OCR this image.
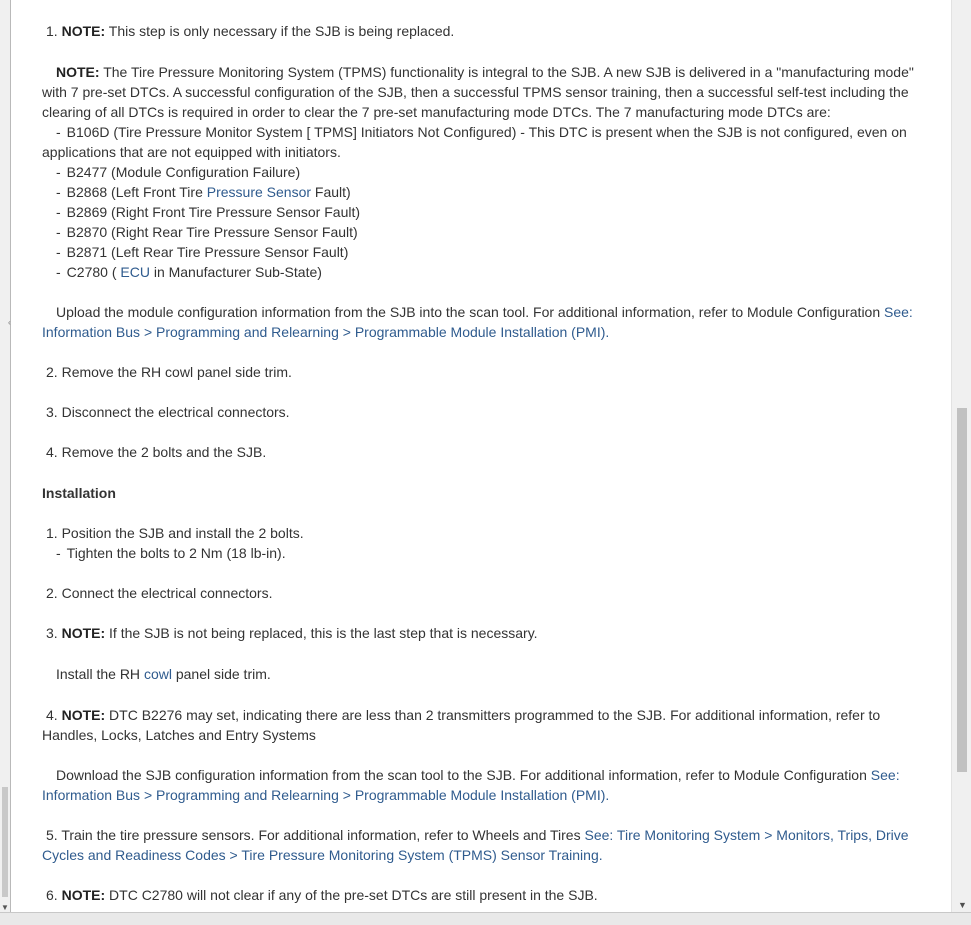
‹
▼

1. NOTE: This step is only necessary if the SJB is being replaced.

NOTE: The Tire Pressure Monitoring System (TPMS) functionality is integral to the SJB. A new SJB is delivered in a "manufacturing mode" with 7 pre-set DTCs. A successful configuration of the SJB, then a successful TPMS sensor training, then a successful self-test including the clearing of all DTCs is required in order to clear the 7 pre-set manufacturing mode DTCs. The 7 manufacturing mode DTCs are:

- B106D (Tire Pressure Monitor System [ TPMS] Initiators Not Configured) - This DTC is present when the SJB is not configured, even on applications that are not equipped with initiators.

- B2477 (Module Configuration Failure)

- B2868 (Left Front Tire Pressure Sensor Fault)

- B2869 (Right Front Tire Pressure Sensor Fault)

- B2870 (Right Rear Tire Pressure Sensor Fault)

- B2871 (Left Rear Tire Pressure Sensor Fault)

- C2780 ( ECU in Manufacturer Sub-State)

Upload the module configuration information from the SJB into the scan tool. For additional information, refer to Module Configuration See: Information Bus > Programming and Relearning > Programmable Module Installation (PMI).

2. Remove the RH cowl panel side trim.

3. Disconnect the electrical connectors.

4. Remove the 2 bolts and the SJB.

Installation

1. Position the SJB and install the 2 bolts.

- Tighten the bolts to 2 Nm (18 lb-in).

2. Connect the electrical connectors.

3. NOTE: If the SJB is not being replaced, this is the last step that is necessary.

Install the RH cowl panel side trim.

4. NOTE: DTC B2276 may set, indicating there are less than 2 transmitters programmed to the SJB. For additional information, refer to Handles, Locks, Latches and Entry Systems

Download the SJB configuration information from the scan tool to the SJB. For additional information, refer to Module Configuration See: Information Bus > Programming and Relearning > Programmable Module Installation (PMI).

5. Train the tire pressure sensors. For additional information, refer to Wheels and Tires See: Tire Monitoring System > Monitors, Trips, Drive Cycles and Readiness Codes > Tire Pressure Monitoring System (TPMS) Sensor Training.

6. NOTE: DTC C2780 will not clear if any of the pre-set DTCs are still present in the SJB.

▼
